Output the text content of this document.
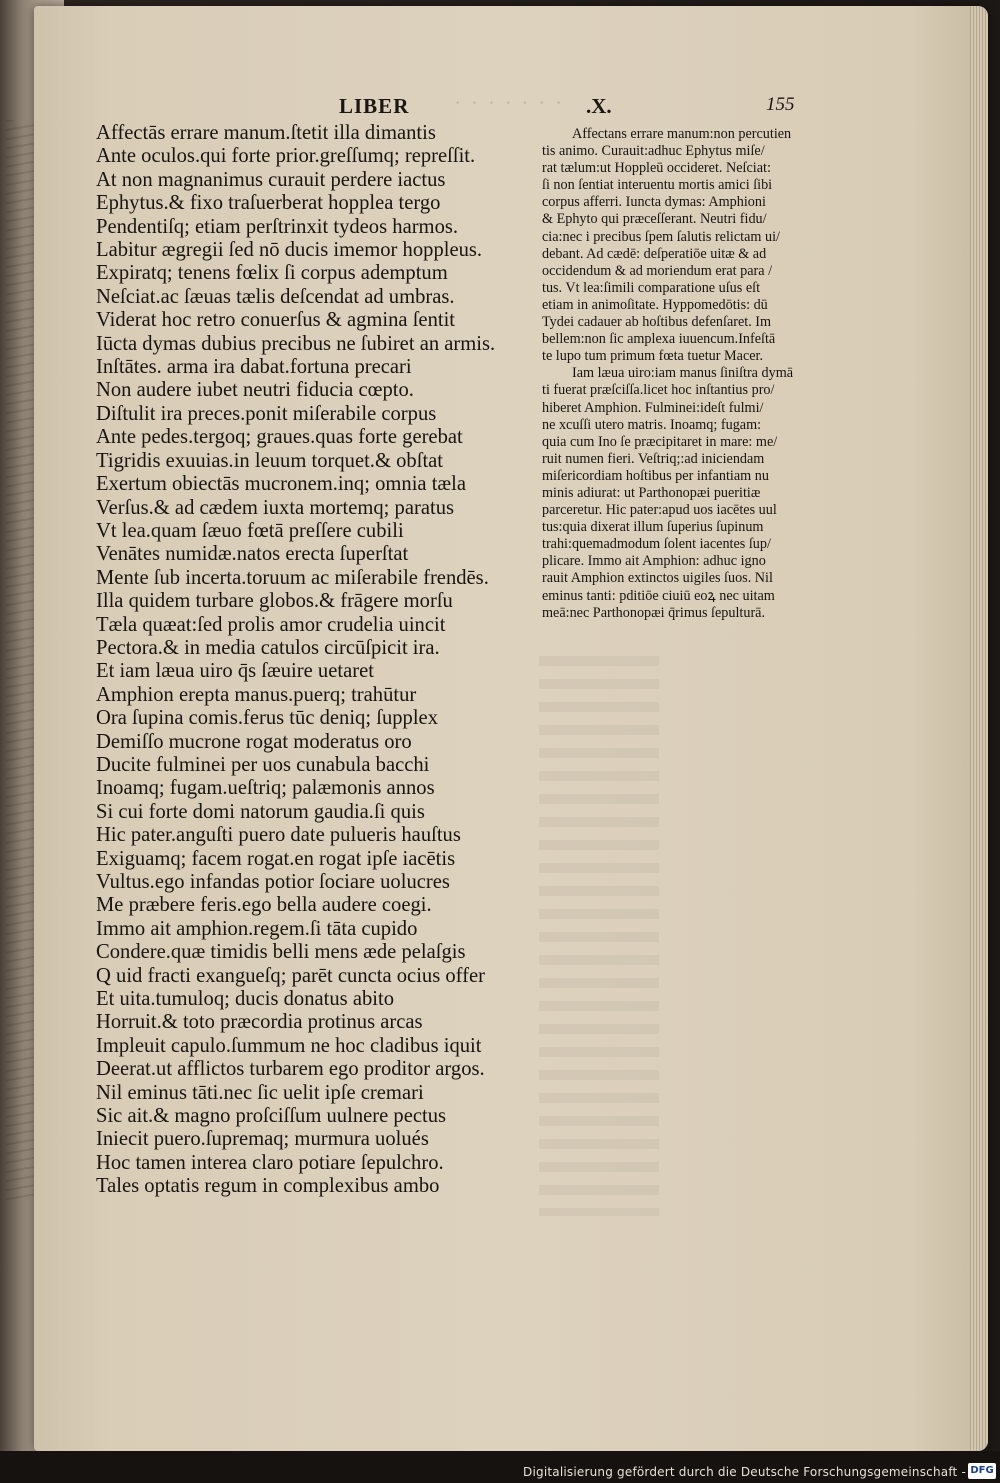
· · · · · · ·
LIBER	.X.	155
Affectās errare manum.ſtetit illa dimantis
Ante oculos.qui forte prior.greſſumq; repreſſit.
At non magnanimus curauit perdere iactus
Ephytus.& fixo traſuerberat hopplea tergo
Pendentiſq; etiam perſtrinxit tydeos harmos.
Labitur ægregii ſed nō ducis imemor hoppleus.
Expiratq; tenens fœlix ſi corpus ademptum
Neſciat.ac ſæuas tælis deſcendat ad umbras.
Viderat hoc retro conuerſus & agmina ſentit
Iūcta dymas dubius precibus ne ſubiret an armis.
Inſtātes. arma ira dabat.fortuna precari
Non audere iubet neutri fiducia cœpto.
Diſtulit ira preces.ponit miſerabile corpus
Ante pedes.tergoq; graues.quas forte gerebat
Tigridis exuuias.in leuum torquet.& obſtat
Exertum obiectās mucronem.inq; omnia tæla
Verſus.& ad cædem iuxta mortemq; paratus
Vt lea.quam ſæuo fœtā preſſere cubili
Venātes numidæ.natos erecta ſuperſtat
Mente ſub incerta.toruum ac miſerabile frendēs.
Illa quidem turbare globos.& frāgere morſu
Tæla quæat:ſed prolis amor crudelia uincit
Pectora.& in media catulos circūſpicit ira.
Et iam læua uiro q̄s ſæuire uetaret
Amphion erepta manus.puerq; trahūtur
Ora ſupina comis.ferus tūc deniq; ſupplex
Demiſſo mucrone rogat moderatus oro
Ducite fulminei per uos cunabula bacchi
Inoamq; fugam.ueſtriq; palæmonis annos
Si cui forte domi natorum gaudia.ſi quis
Hic pater.anguſti puero date pulueris hauſtus
Exiguamq; facem rogat.en rogat ipſe iacētis
Vultus.ego infandas potior ſociare uolucres
Me præbere feris.ego bella audere coegi.
Immo ait amphion.regem.ſi tāta cupido
Condere.quæ timidis belli mens æde pelaſgis
Q uid fracti exangueſq; parēt cuncta ocius offer
Et uita.tumuloq; ducis donatus abito
Horruit.& toto præcordia protinus arcas
Impleuit capulo.ſummum ne hoc cladibus iquit
Deerat.ut afflictos turbarem ego proditor argos.
Nil eminus tāti.nec ſic uelit ipſe cremari
Sic ait.& magno proſciſſum uulnere pectus
Iniecit puero.ſupremaq; murmura uolués
Hoc tamen interea claro potiare ſepulchro.
Tales optatis regum in complexibus ambo
Affectans errare manum:non percutien
tis animo. Curauit:adhuc Ephytus miſe/
rat tælum:ut Hoppleū occideret. Neſciat:
ſi non ſentiat interuentu mortis amici ſibi
corpus afferri. Iuncta dymas: Amphioni
& Ephyto qui præceſſerant. Neutri fidu/
cia:nec i precibus ſpem ſalutis relictam ui/
debant. Ad cædē: deſperatiōe uitæ & ad
occidendum & ad moriendum erat para /
tus. Vt lea:ſimili comparatione uſus eſt
etiam in animoſitate. Hyppomedōtis: dū
Tydei cadauer ab hoſtibus defenſaret. Im
bellem:non ſic amplexa iuuencum.Infeſtā
te lupo tum primum fœta tuetur Macer.
Iam læua uiro:iam manus ſiniſtra dymā
ti fuerat præſciſſa.licet hoc inſtantius pro/
hiberet Amphion. Fulminei:ideſt fulmi/
ne xcuſſi utero matris. Inoamq; fugam:
quia cum Ino ſe præcipitaret in mare: me/
ruit numen fieri. Veſtriq;:ad iniciendam
miſericordiam hoſtibus per infantiam nu
minis adiurat: ut Parthonopæi pueritiæ
parceretur. Hic pater:apud uos iacētes uul
tus:quia dixerat illum ſuperius ſupinum
trahi:quemadmodum ſolent iacentes ſup/
plicare. Immo ait Amphion: adhuc igno
rauit Amphion extinctos uigiles ſuos. Nil
eminus tanti: pditiōe ciuiū eoꝝ nec uitam
meā:nec Parthonopæi q̄rimus ſepulturā.
Digitalisierung gefördert durch die Deutsche Forschungsgemeinschaft - DFG
